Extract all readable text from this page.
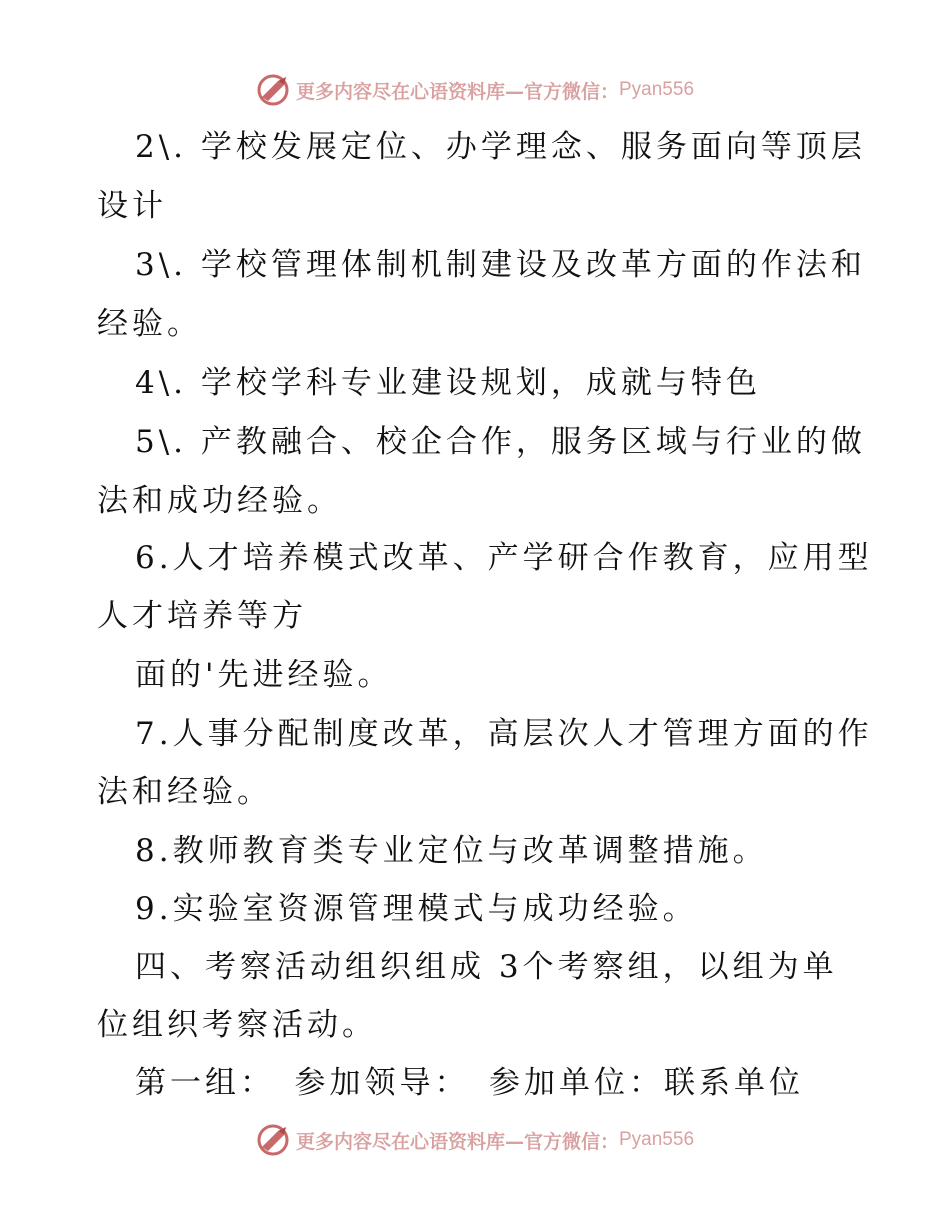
更多内容尽在心语资料库—官方微信： Pyan556
2\. 学校发展定位、办学理念、服务面向等顶层
设计
3\. 学校管理体制机制建设及改革方面的作法和
经验。
4\. 学校学科专业建设规划，成就与特色
5\. 产教融合、校企合作，服务区域与行业的做
法和成功经验。
6.人才培养模式改革、产学研合作教育，应用型
人才培养等方
面的'先进经验。
7.人事分配制度改革，高层次人才管理方面的作
法和经验。
8.教师教育类专业定位与改革调整措施。
9.实验室资源管理模式与成功经验。
四、考察活动组织组成 3个考察组，以组为单
位组织考察活动。
第一组：　参加领导：　参加单位：联系单位
更多内容尽在心语资料库—官方微信： Pyan556
